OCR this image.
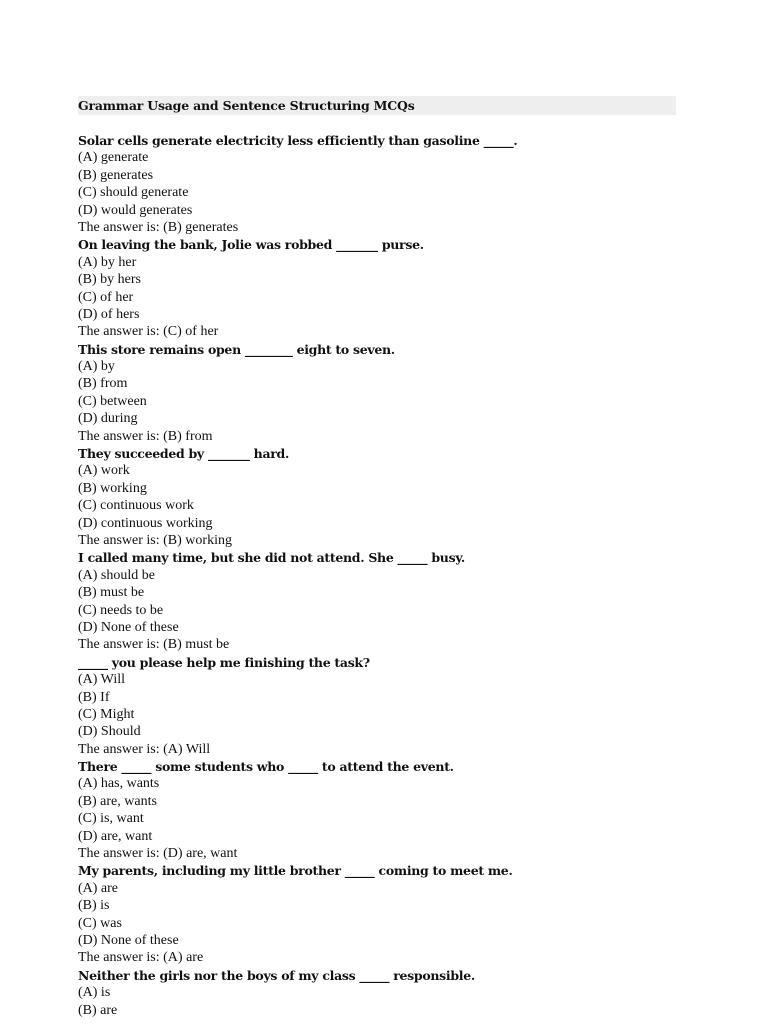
Grammar Usage and Sentence Structuring MCQs
Solar cells generate electricity less efficiently than gasoline _____.
(A) generate
(B) generates
(C) should generate
(D) would generates
The answer is: (B) generates
On leaving the bank, Jolie was robbed _______ purse.
(A) by her
(B) by hers
(C) of her
(D) of hers
The answer is: (C) of her
This store remains open ________ eight to seven.
(A) by
(B) from
(C) between
(D) during
The answer is: (B) from
They succeeded by _______ hard.
(A) work
(B) working
(C) continuous work
(D) continuous working
The answer is: (B) working
I called many time, but she did not attend. She _____ busy.
(A) should be
(B) must be
(C) needs to be
(D) None of these
The answer is: (B) must be
_____ you please help me finishing the task?
(A) Will
(B) If
(C) Might
(D) Should
The answer is: (A) Will
There _____ some students who _____ to attend the event.
(A) has, wants
(B) are, wants
(C) is, want
(D) are, want
The answer is: (D) are, want
My parents, including my little brother _____ coming to meet me.
(A) are
(B) is
(C) was
(D) None of these
The answer is: (A) are
Neither the girls nor the boys of my class _____ responsible.
(A) is
(B) are
